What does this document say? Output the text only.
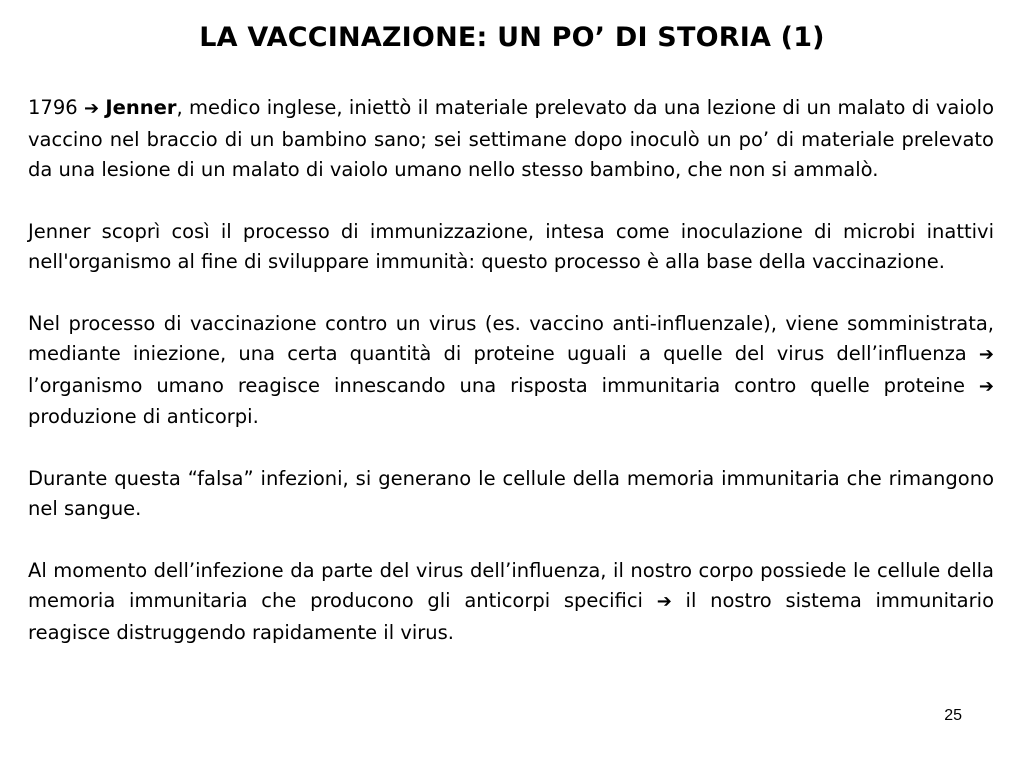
LA VACCINAZIONE: UN PO’ DI STORIA (1)

1796 ➔ Jenner, medico inglese, iniettò il materiale prelevato da una lezione di un malato di vaiolo vaccino nel braccio di un bambino sano; sei settimane dopo inoculò un po’ di materiale prelevato da una lesione di un malato di vaiolo umano nello stesso bambino, che non si ammalò.

Jenner scoprì così il processo di immunizzazione, intesa come inoculazione di microbi inattivi nell'organismo al fine di sviluppare immunità: questo processo è alla base della vaccinazione.

Nel processo di vaccinazione contro un virus (es. vaccino anti-influenzale), viene somministrata, mediante iniezione, una certa quantità di proteine uguali a quelle del virus dell’influenza ➔ l’organismo umano reagisce innescando una risposta immunitaria contro quelle proteine ➔ produzione di anticorpi.

Durante questa “falsa” infezioni, si generano le cellule della memoria immunitaria che rimangono nel sangue.

Al momento dell’infezione da parte del virus dell’influenza, il nostro corpo possiede le cellule della memoria immunitaria che producono gli anticorpi specifici ➔ il nostro sistema immunitario reagisce distruggendo rapidamente il virus.

25
